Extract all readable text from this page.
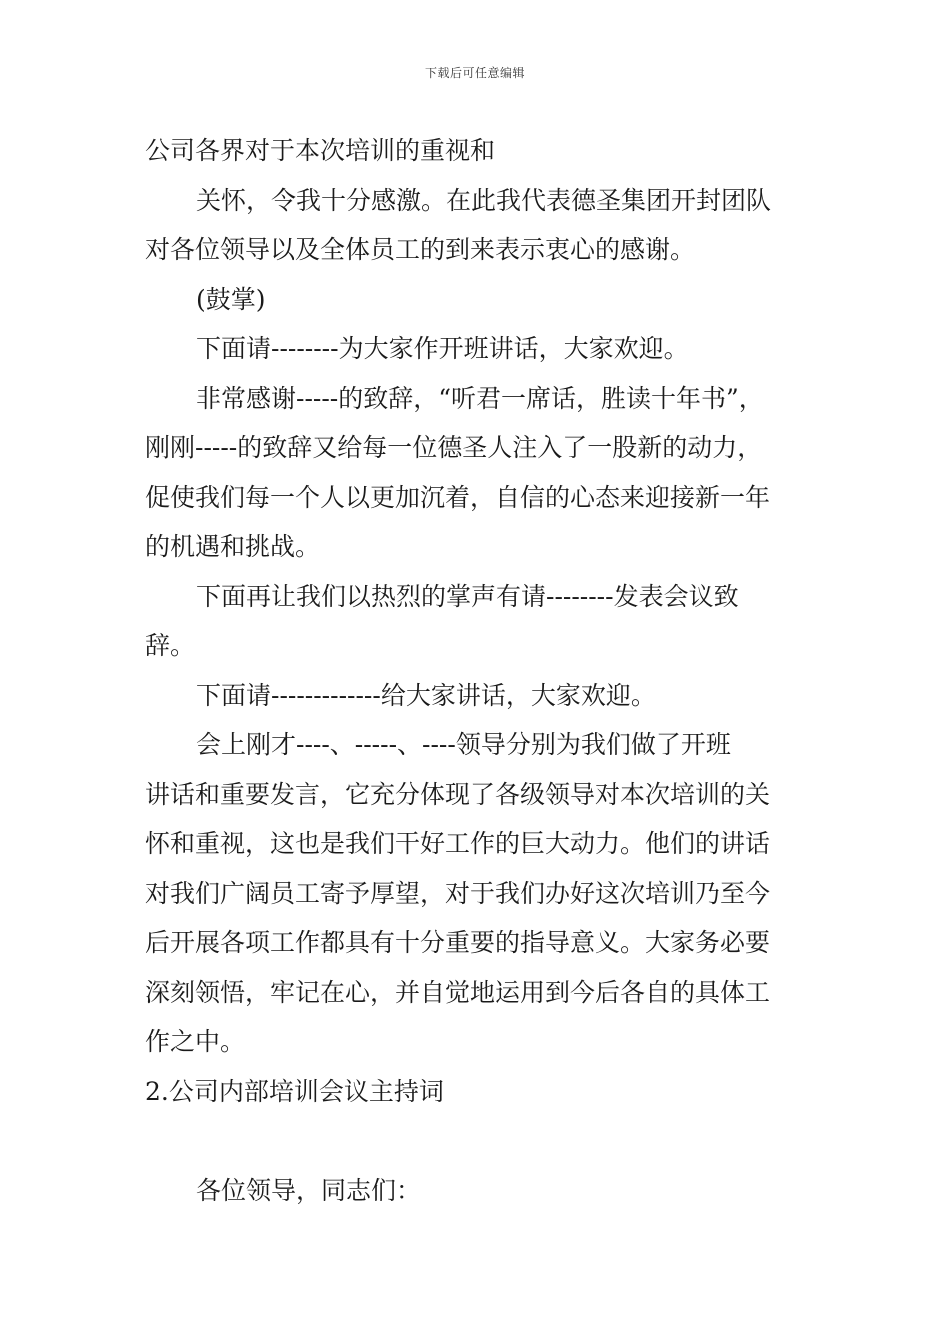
下载后可任意编辑

公司各界对于本次培训的重视和

关怀，令我十分感激。在此我代表德圣集团开封团队

对各位领导以及全体员工的到来表示衷心的感谢。

(鼓掌)

下面请--------为大家作开班讲话，大家欢迎。

非常感谢-----的致辞，“听君一席话，胜读十年书”，

刚刚-----的致辞又给每一位德圣人注入了一股新的动力，

促使我们每一个人以更加沉着，自信的心态来迎接新一年

的机遇和挑战。

下面再让我们以热烈的掌声有请--------发表会议致

辞。

下面请-------------给大家讲话，大家欢迎。

会上刚才----、-----、----领导分别为我们做了开班

讲话和重要发言，它充分体现了各级领导对本次培训的关

怀和重视，这也是我们干好工作的巨大动力。他们的讲话

对我们广阔员工寄予厚望，对于我们办好这次培训乃至今

后开展各项工作都具有十分重要的指导意义。大家务必要

深刻领悟，牢记在心，并自觉地运用到今后各自的具体工

作之中。

2.公司内部培训会议主持词

各位领导，同志们：
